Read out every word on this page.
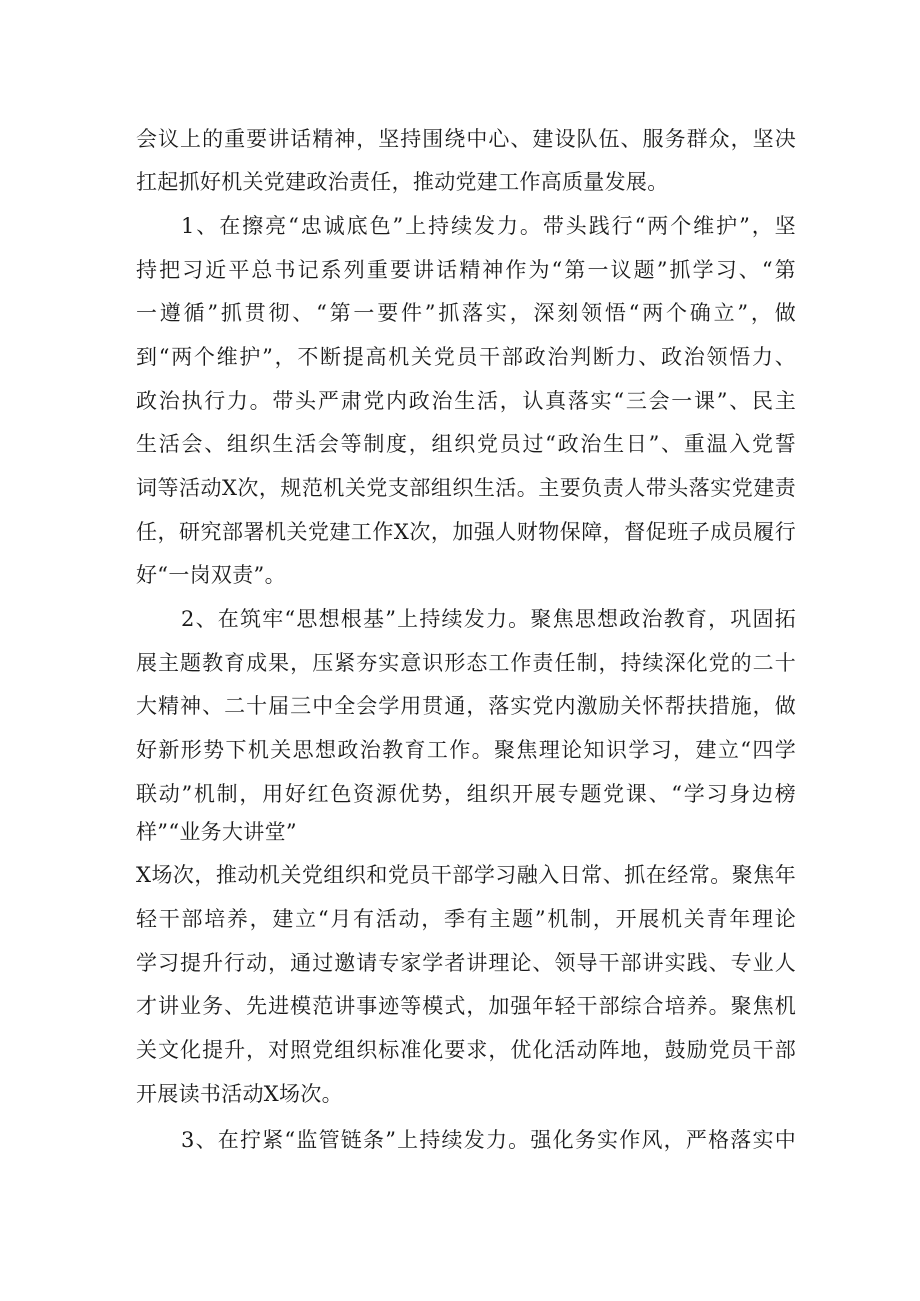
会议上的重要讲话精神，坚持围绕中心、建设队伍、服务群众，坚决
扛起抓好机关党建政治责任，推动党建工作高质量发展。
1、在擦亮“忠诚底色”上持续发力。带头践行“两个维护”，坚
持把习近平总书记系列重要讲话精神作为“第一议题”抓学习、“第
一遵循”抓贯彻、“第一要件”抓落实，深刻领悟“两个确立”，做
到“两个维护”，不断提高机关党员干部政治判断力、政治领悟力、
政治执行力。带头严肃党内政治生活，认真落实“三会一课”、民主
生活会、组织生活会等制度，组织党员过“政治生日”、重温入党誓
词等活动X次，规范机关党支部组织生活。主要负责人带头落实党建责
任，研究部署机关党建工作X次，加强人财物保障，督促班子成员履行
好“一岗双责”。
2、在筑牢“思想根基”上持续发力。聚焦思想政治教育，巩固拓
展主题教育成果，压紧夯实意识形态工作责任制，持续深化党的二十
大精神、二十届三中全会学用贯通，落实党内激励关怀帮扶措施，做
好新形势下机关思想政治教育工作。聚焦理论知识学习，建立“四学
联动”机制，用好红色资源优势，组织开展专题党课、“学习身边榜
样”“业务大讲堂”
X场次，推动机关党组织和党员干部学习融入日常、抓在经常。聚焦年
轻干部培养，建立“月有活动，季有主题”机制，开展机关青年理论
学习提升行动，通过邀请专家学者讲理论、领导干部讲实践、专业人
才讲业务、先进模范讲事迹等模式，加强年轻干部综合培养。聚焦机
关文化提升，对照党组织标准化要求，优化活动阵地，鼓励党员干部
开展读书活动X场次。
3、在拧紧“监管链条”上持续发力。强化务实作风，严格落实中
